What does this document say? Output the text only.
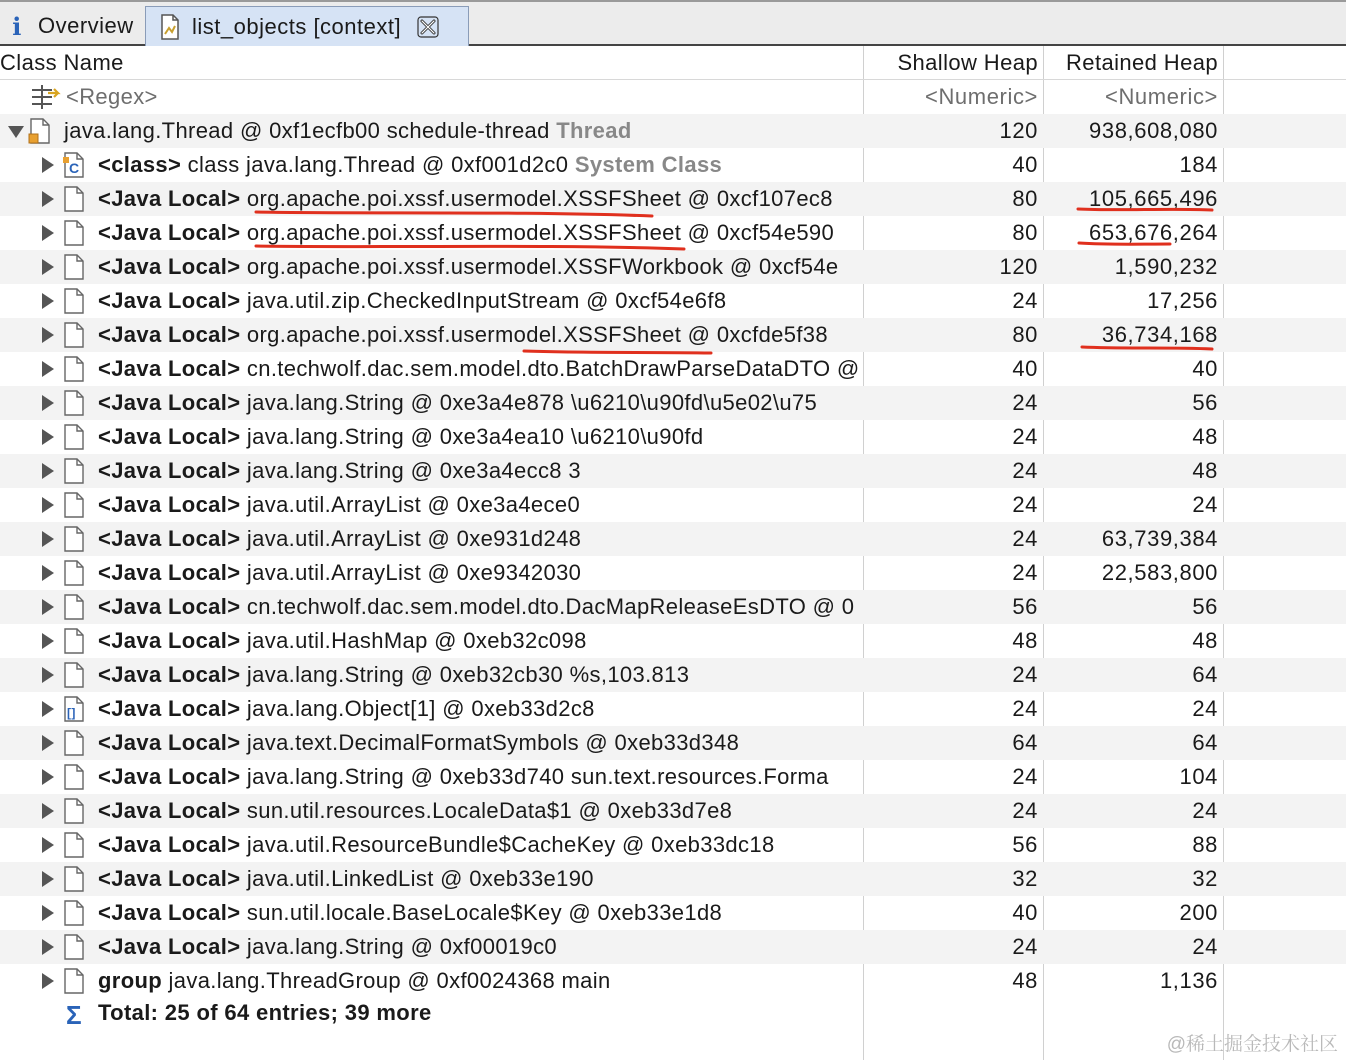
i Overview	list_objects [context]
Class Name	Shallow Heap	Retained Heap
<Regex>	<Numeric>	<Numeric>
java.lang.Thread @ 0xf1ecfb00 schedule-thread Thread	120	938,608,080
C <class> class java.lang.Thread @ 0xf001d2c0 System Class	40	184
<Java Local> org.apache.poi.xssf.usermodel.XSSFSheet @ 0xcf107ec8	80	105,665,496
<Java Local> org.apache.poi.xssf.usermodel.XSSFSheet @ 0xcf54e590	80	653,676,264
<Java Local> org.apache.poi.xssf.usermodel.XSSFWorkbook @ 0xcf54e	120	1,590,232
<Java Local> java.util.zip.CheckedInputStream @ 0xcf54e6f8	24	17,256
<Java Local> org.apache.poi.xssf.usermodel.XSSFSheet @ 0xcfde5f38	80	36,734,168
<Java Local> cn.techwolf.dac.sem.model.dto.BatchDrawParseDataDTO @	40	40
<Java Local> java.lang.String @ 0xe3a4e878 \u6210\u90fd\u5e02\u75	24	56
<Java Local> java.lang.String @ 0xe3a4ea10 \u6210\u90fd	24	48
<Java Local> java.lang.String @ 0xe3a4ecc8 3	24	48
<Java Local> java.util.ArrayList @ 0xe3a4ece0	24	24
<Java Local> java.util.ArrayList @ 0xe931d248	24	63,739,384
<Java Local> java.util.ArrayList @ 0xe9342030	24	22,583,800
<Java Local> cn.techwolf.dac.sem.model.dto.DacMapReleaseEsDTO @ 0	56	56
<Java Local> java.util.HashMap @ 0xeb32c098	48	48
<Java Local> java.lang.String @ 0xeb32cb30 %s,103.813	24	64
[] <Java Local> java.lang.Object[1] @ 0xeb33d2c8	24	24
<Java Local> java.text.DecimalFormatSymbols @ 0xeb33d348	64	64
<Java Local> java.lang.String @ 0xeb33d740 sun.text.resources.Forma	24	104
<Java Local> sun.util.resources.LocaleData$1 @ 0xeb33d7e8	24	24
<Java Local> java.util.ResourceBundle$CacheKey @ 0xeb33dc18	56	88
<Java Local> java.util.LinkedList @ 0xeb33e190	32	32
<Java Local> sun.util.locale.BaseLocale$Key @ 0xeb33e1d8	40	200
<Java Local> java.lang.String @ 0xf00019c0	24	24
group java.lang.ThreadGroup @ 0xf0024368 main	48	1,136
Σ Total: 25 of 64 entries; 39 more
@稀土掘金技术社区
